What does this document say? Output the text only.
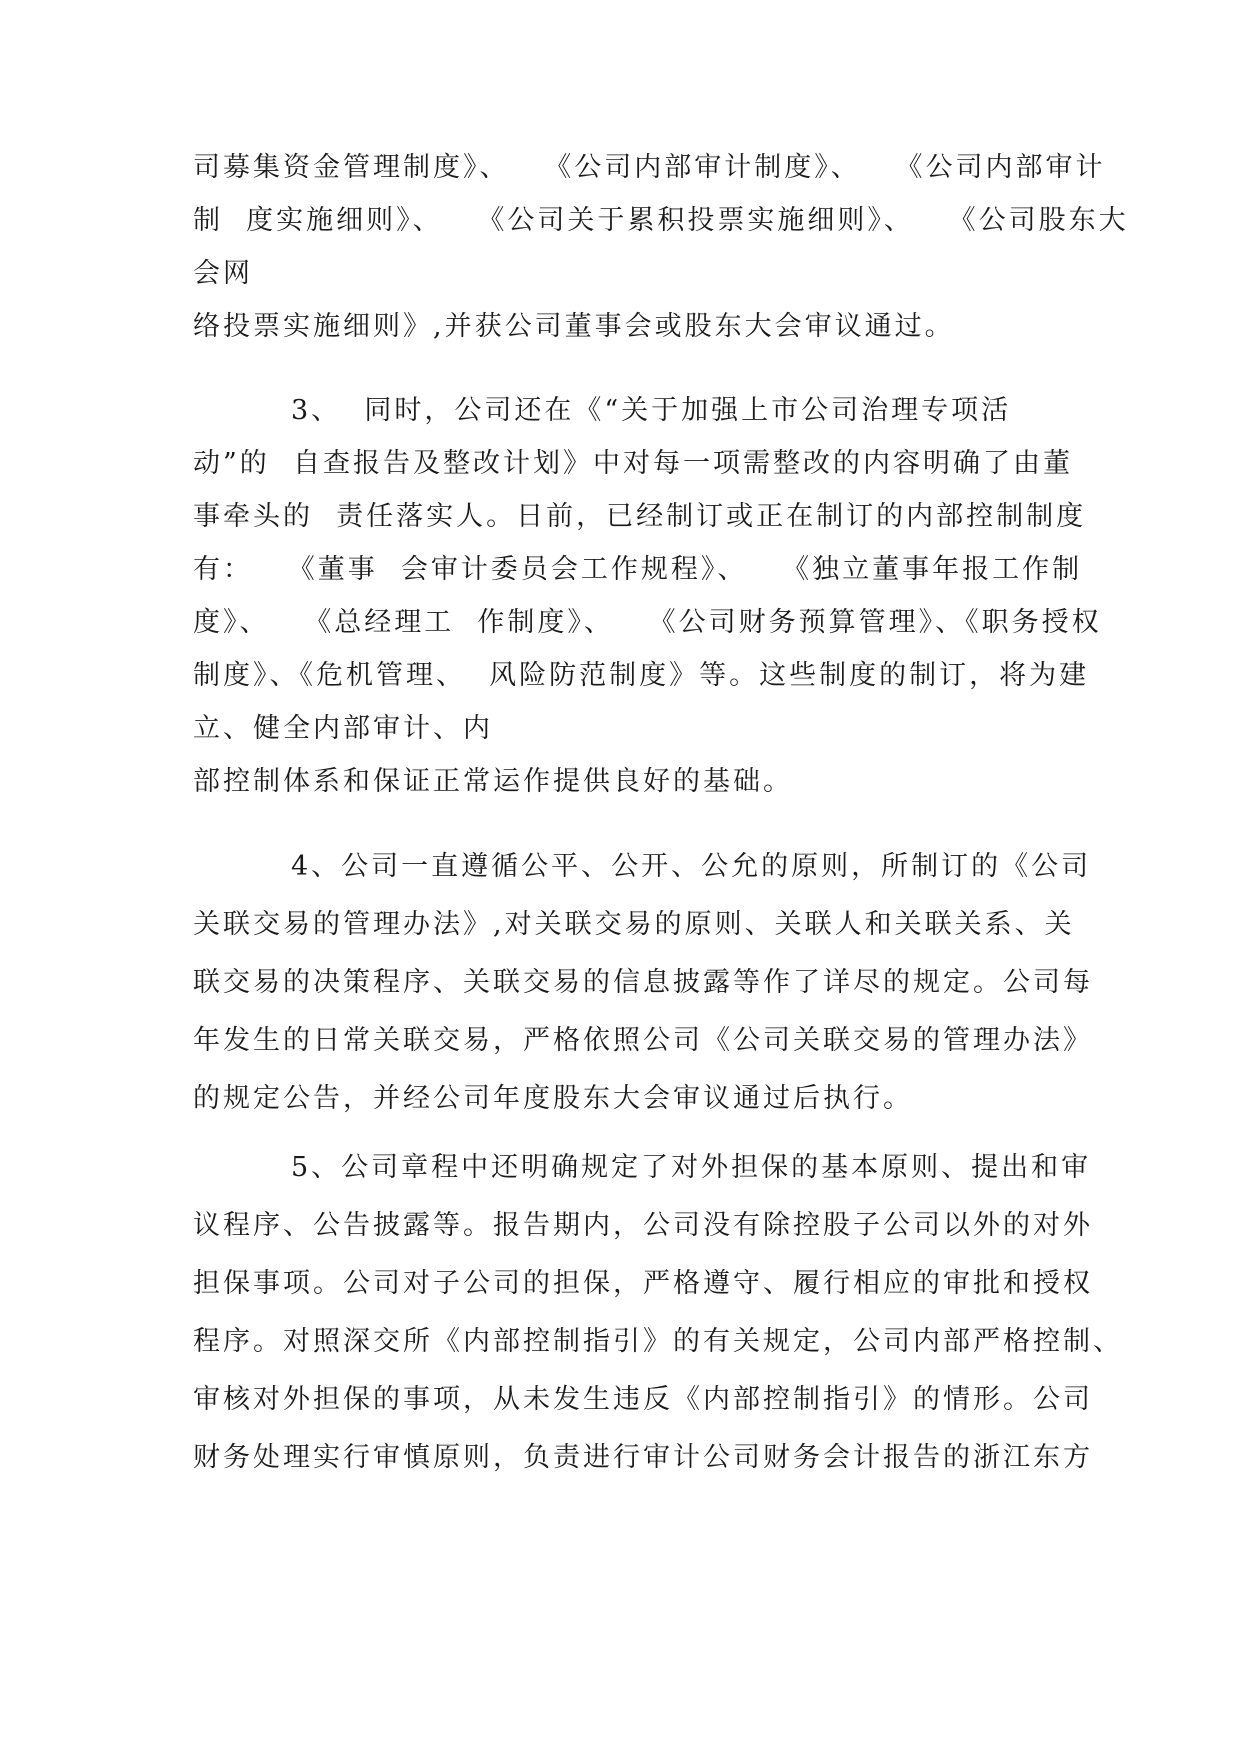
司募集资金管理制度》、   《公司内部审计制度》、   《公司内部审计

制  度实施细则》、   《公司关于累积投票实施细则》、   《公司股东大

会网

络投票实施细则》,并获公司董事会或股东大会审议通过。

3、  同时，公司还在《“关于加强上市公司治理专项活

动”的  自查报告及整改计划》中对每一项需整改的内容明确了由董

事牵头的  责任落实人。日前，已经制订或正在制订的内部控制制度

有：   《董事  会审计委员会工作规程》、   《独立董事年报工作制

度》、   《总经理工  作制度》、   《公司财务预算管理》、《职务授权

制度》、《危机管理、  风险防范制度》等。这些制度的制订，将为建

立、健全内部审计、内

部控制体系和保证正常运作提供良好的基础。

4、公司一直遵循公平、公开、公允的原则，所制订的《公司

关联交易的管理办法》,对关联交易的原则、关联人和关联关系、关

联交易的决策程序、关联交易的信息披露等作了详尽的规定。公司每

年发生的日常关联交易，严格依照公司《公司关联交易的管理办法》

的规定公告，并经公司年度股东大会审议通过后执行。

5、公司章程中还明确规定了对外担保的基本原则、提出和审

议程序、公告披露等。报告期内，公司没有除控股子公司以外的对外

担保事项。公司对子公司的担保，严格遵守、履行相应的审批和授权

程序。对照深交所《内部控制指引》的有关规定，公司内部严格控制、

审核对外担保的事项，从未发生违反《内部控制指引》的情形。公司

财务处理实行审慎原则，负责进行审计公司财务会计报告的浙江东方
